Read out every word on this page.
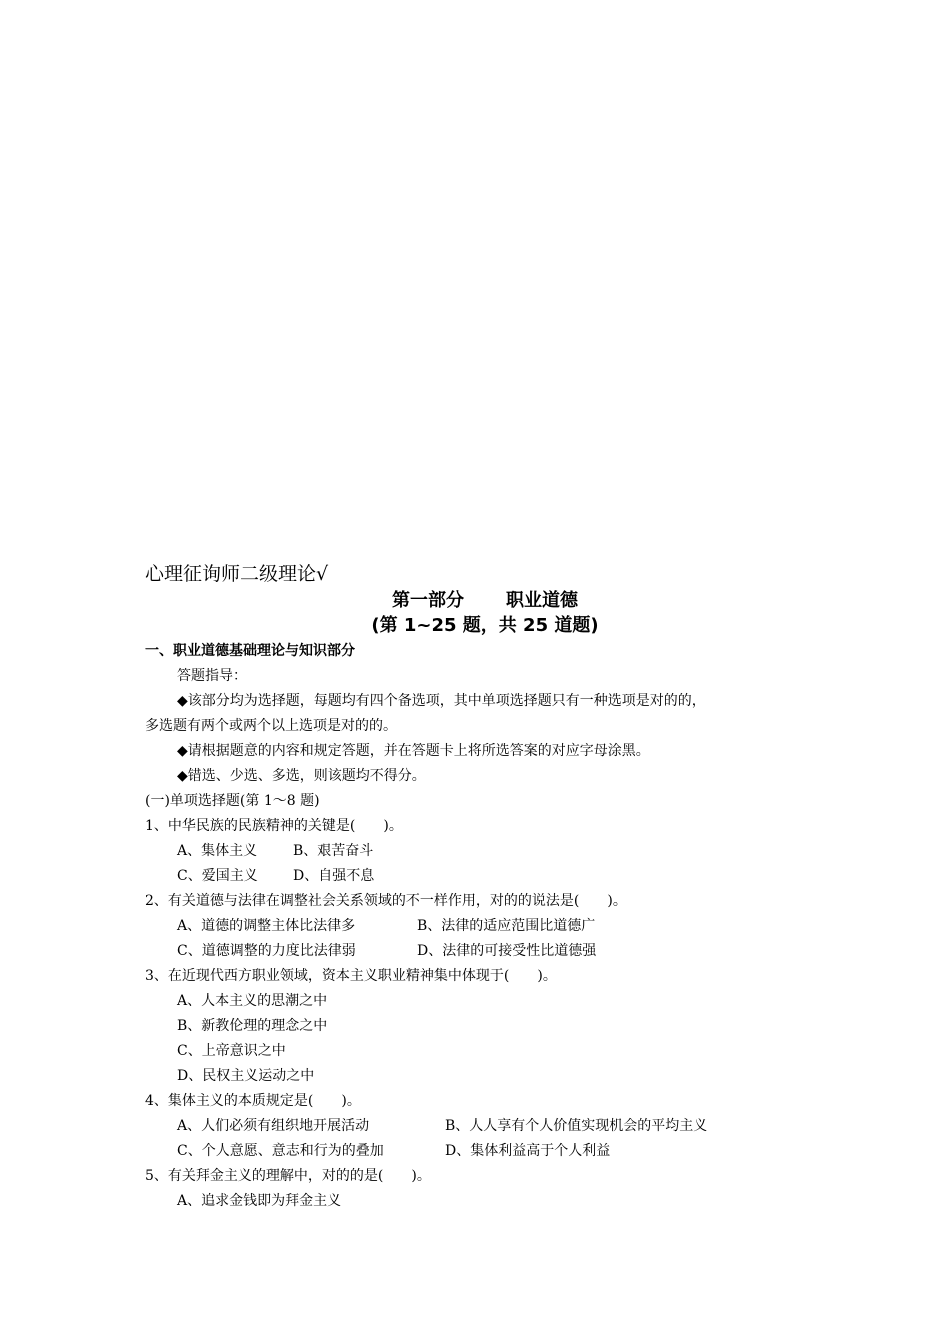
心理征询师二级理论√

第一部分 职业道德

(第 1~25 题，共 25 道题)

一、职业道德基础理论与知识部分

答题指导：
◆该部分均为选择题，每题均有四个备选项，其中单项选择题只有一种选项是对的的，
多选题有两个或两个以上选项是对的的。
◆请根据题意的内容和规定答题，并在答题卡上将所选答案的对应字母涂黑。
◆错选、少选、多选，则该题均不得分。
(一)单项选择题(第 1～8 题)
1、中华民族的民族精神的关键是(　　)。
A、集体主义	B、艰苦奋斗
C、爱国主义	D、自强不息
2、有关道德与法律在调整社会关系领域的不一样作用，对的的说法是(　　)。
A、道德的调整主体比法律多	B、法律的适应范围比道德广
C、道德调整的力度比法律弱	D、法律的可接受性比道德强
3、在近现代西方职业领域，资本主义职业精神集中体现于(　　)。
A、人本主义的思潮之中
B、新教伦理的理念之中
C、上帝意识之中
D、民权主义运动之中
4、集体主义的本质规定是(　　)。
A、人们必须有组织地开展活动	B、人人享有个人价值实现机会的平均主义
C、个人意愿、意志和行为的叠加	D、集体利益高于个人利益
5、有关拜金主义的理解中，对的的是(　　)。
A、追求金钱即为拜金主义
